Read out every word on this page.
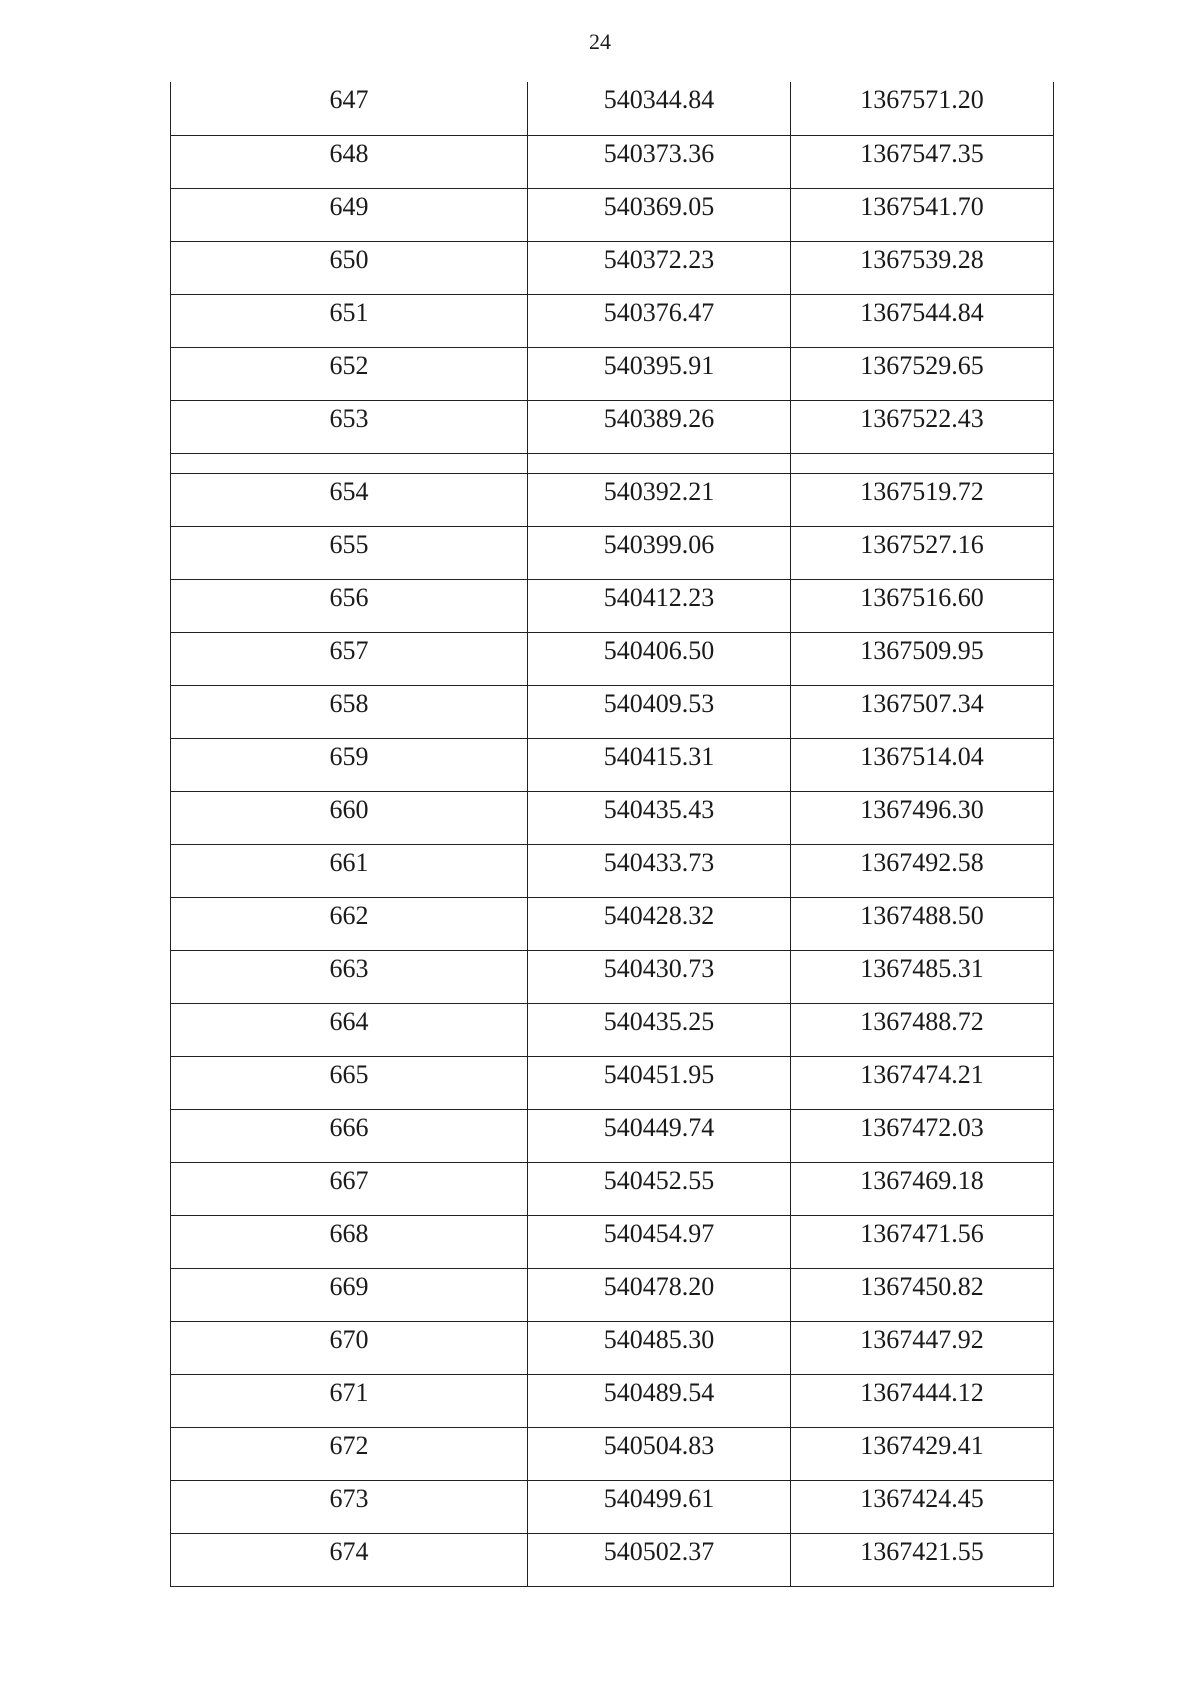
24
647	540344.84	1367571.20
648	540373.36	1367547.35
649	540369.05	1367541.70
650	540372.23	1367539.28
651	540376.47	1367544.84
652	540395.91	1367529.65
653	540389.26	1367522.43

654	540392.21	1367519.72
655	540399.06	1367527.16
656	540412.23	1367516.60
657	540406.50	1367509.95
658	540409.53	1367507.34
659	540415.31	1367514.04
660	540435.43	1367496.30
661	540433.73	1367492.58
662	540428.32	1367488.50
663	540430.73	1367485.31
664	540435.25	1367488.72
665	540451.95	1367474.21
666	540449.74	1367472.03
667	540452.55	1367469.18
668	540454.97	1367471.56
669	540478.20	1367450.82
670	540485.30	1367447.92
671	540489.54	1367444.12
672	540504.83	1367429.41
673	540499.61	1367424.45
674	540502.37	1367421.55
